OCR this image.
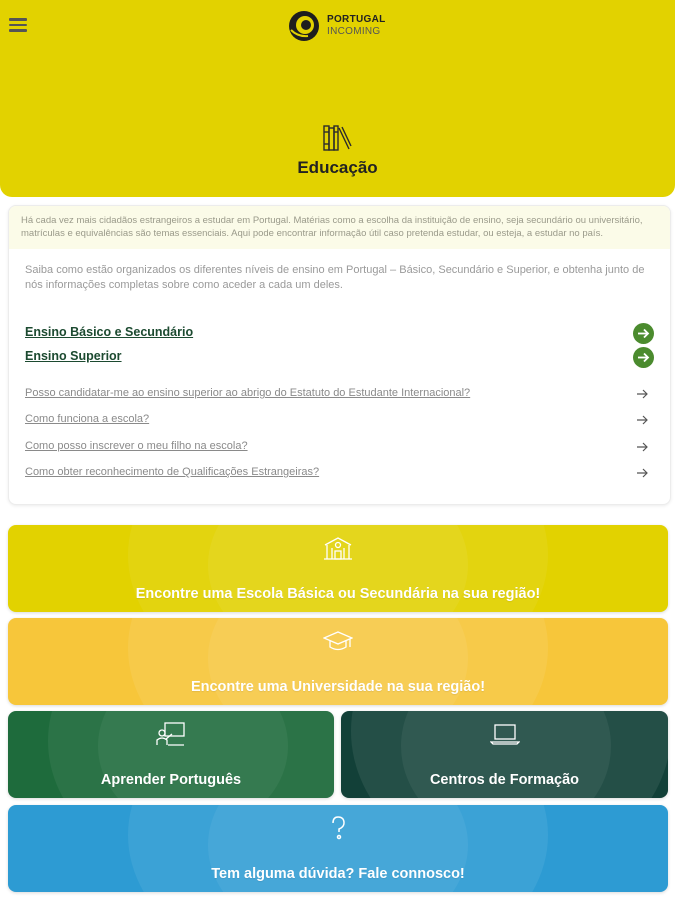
PORTUGAL
INCOMING
Educação
Há cada vez mais cidadãos estrangeiros a estudar em Portugal. Matérias como a escolha da instituição de ensino, seja secundário ou universitário, matrículas e equivalências são temas essenciais. Aqui pode encontrar informação útil caso pretenda estudar, ou esteja, a estudar no país.
Saiba como estão organizados os diferentes níveis de ensino em Portugal – Básico, Secundário e Superior, e obtenha junto de nós informações completas sobre como aceder a cada um deles.
Ensino Básico e Secundário
Ensino Superior
Posso candidatar-me ao ensino superior ao abrigo do Estatuto do Estudante Internacional?
Como funciona a escola?
Como posso inscrever o meu filho na escola?
Como obter reconhecimento de Qualificações Estrangeiras?
Encontre uma Escola Básica ou Secundária na sua região!
Encontre uma Universidade na sua região!
Aprender Português	Centros de Formação
Tem alguma dúvida? Fale connosco!
